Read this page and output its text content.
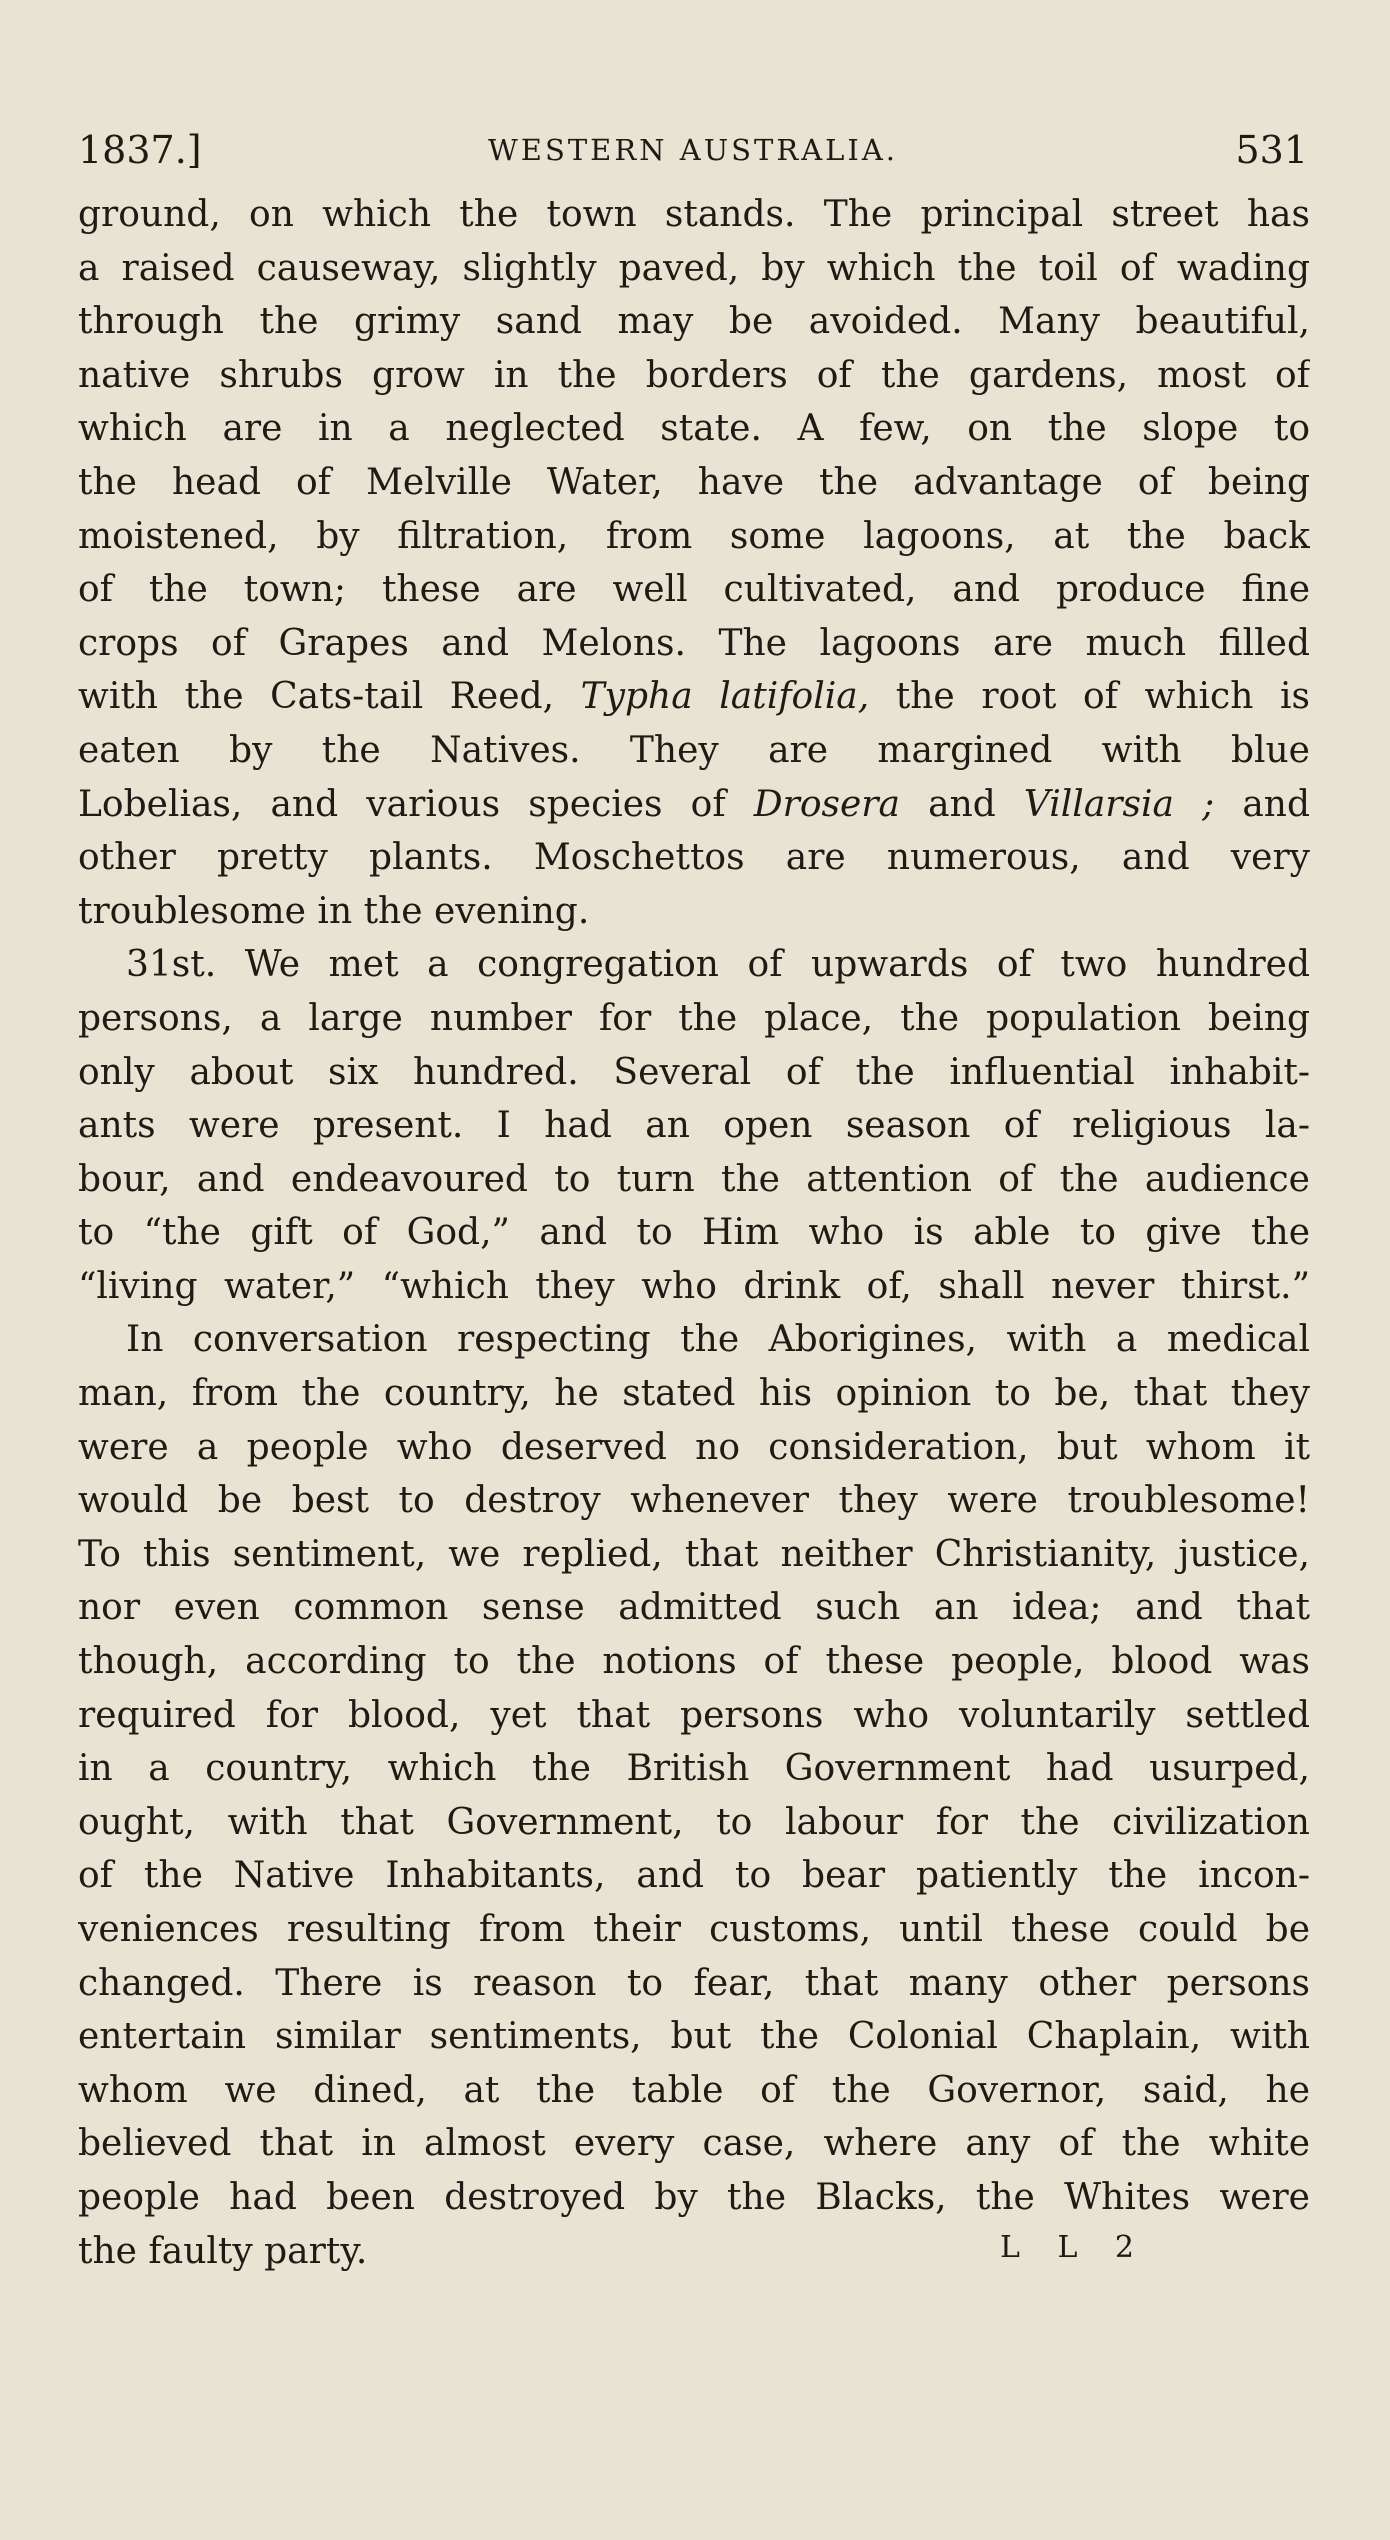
1837.]	WESTERN AUSTRALIA.	531
ground, on which the town stands. The principal street has
a raised causeway, slightly paved, by which the toil of wading
through the grimy sand may be avoided. Many beautiful,
native shrubs grow in the borders of the gardens, most of
which are in a neglected state. A few, on the slope to
the head of Melville Water, have the advantage of being
moistened, by filtration, from some lagoons, at the back
of the town; these are well cultivated, and produce fine
crops of Grapes and Melons. The lagoons are much filled
with the Cats-tail Reed, Typha latifolia, the root of which is
eaten by the Natives. They are margined with blue
Lobelias, and various species of Drosera and Villarsia ; and
other pretty plants. Moschettos are numerous, and very
troublesome in the evening.
31st. We met a congregation of upwards of two hundred
persons, a large number for the place, the population being
only about six hundred. Several of the influential inhabit-
ants were present. I had an open season of religious la-
bour, and endeavoured to turn the attention of the audience
to “the gift of God,” and to Him who is able to give the
“living water,” “which they who drink of, shall never thirst.”
In conversation respecting the Aborigines, with a medical
man, from the country, he stated his opinion to be, that they
were a people who deserved no consideration, but whom it
would be best to destroy whenever they were troublesome!
To this sentiment, we replied, that neither Christianity, justice,
nor even common sense admitted such an idea; and that
though, according to the notions of these people, blood was
required for blood, yet that persons who voluntarily settled
in a country, which the British Government had usurped,
ought, with that Government, to labour for the civilization
of the Native Inhabitants, and to bear patiently the incon-
veniences resulting from their customs, until these could be
changed. There is reason to fear, that many other persons
entertain similar sentiments, but the Colonial Chaplain, with
whom we dined, at the table of the Governor, said, he
believed that in almost every case, where any of the white
people had been destroyed by the Blacks, the Whites were
the faulty party.	L L 2
